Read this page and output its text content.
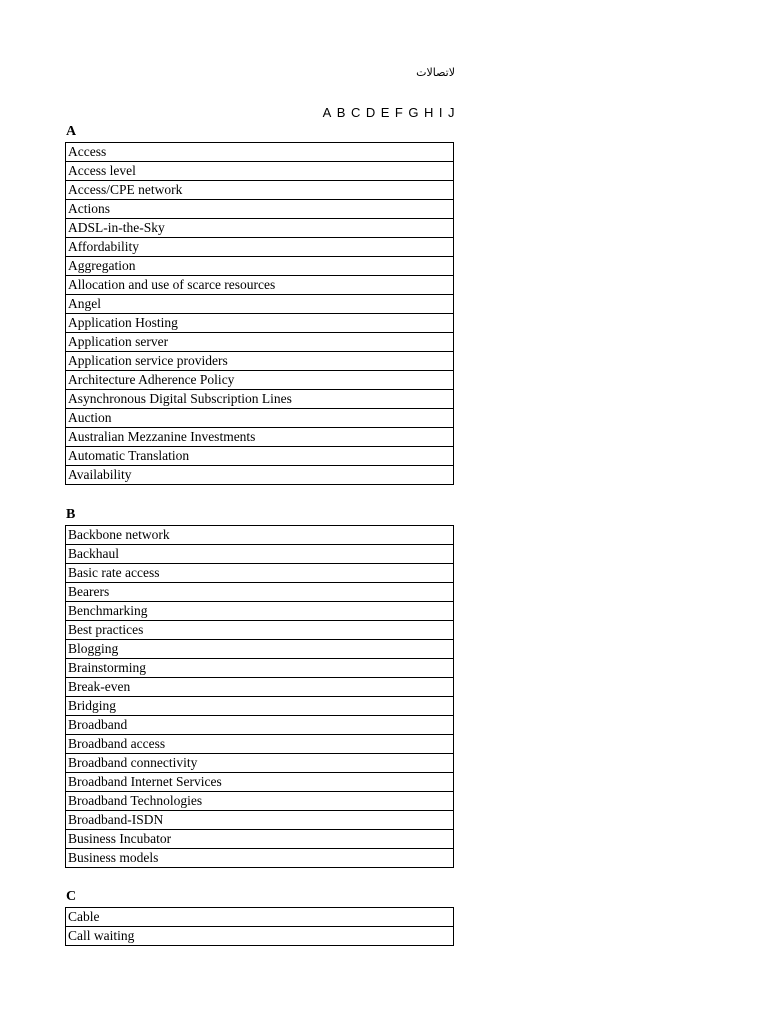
لاتصالات
A B C D E F G H I J
A
Access
Access level
Access/CPE network
Actions
ADSL-in-the-Sky
Affordability
Aggregation
Allocation and use of scarce resources
Angel
Application Hosting
Application server
Application service providers
Architecture Adherence Policy
Asynchronous Digital Subscription Lines
Auction
Australian Mezzanine Investments
Automatic Translation
Availability
B
Backbone network
Backhaul
Basic rate access
Bearers
Benchmarking
Best practices
Blogging
Brainstorming
Break-even
Bridging
Broadband
Broadband access
Broadband connectivity
Broadband Internet Services
Broadband Technologies
Broadband-ISDN
Business Incubator
Business models
C
Cable
Call waiting
